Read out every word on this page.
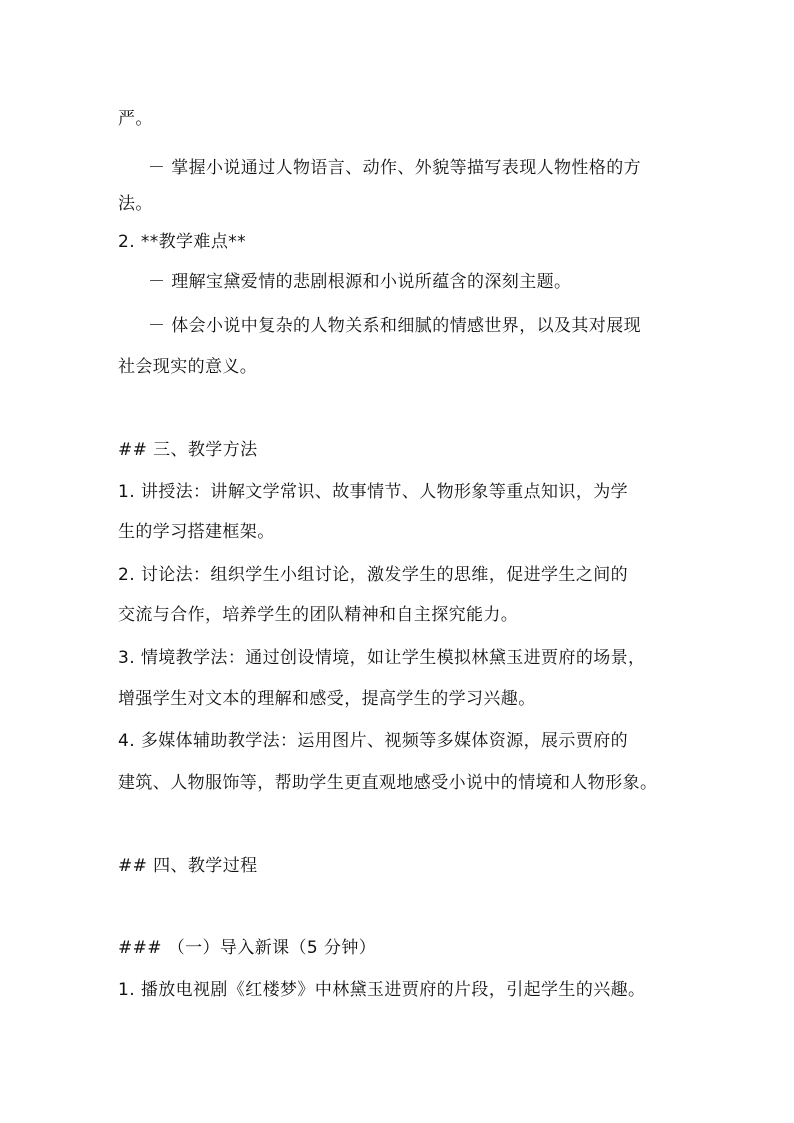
严。
－ 掌握小说通过人物语言、动作、外貌等描写表现人物性格的方
法。
2. **教学难点**
－ 理解宝黛爱情的悲剧根源和小说所蕴含的深刻主题。
－ 体会小说中复杂的人物关系和细腻的情感世界，以及其对展现
社会现实的意义。
## 三、教学方法
1. 讲授法：讲解文学常识、故事情节、人物形象等重点知识，为学
生的学习搭建框架。
2. 讨论法：组织学生小组讨论，激发学生的思维，促进学生之间的
交流与合作，培养学生的团队精神和自主探究能力。
3. 情境教学法：通过创设情境，如让学生模拟林黛玉进贾府的场景，
增强学生对文本的理解和感受，提高学生的学习兴趣。
4. 多媒体辅助教学法：运用图片、视频等多媒体资源，展示贾府的
建筑、人物服饰等，帮助学生更直观地感受小说中的情境和人物形象。
## 四、教学过程
### （一）导入新课（5 分钟）
1. 播放电视剧《红楼梦》中林黛玉进贾府的片段，引起学生的兴趣。
